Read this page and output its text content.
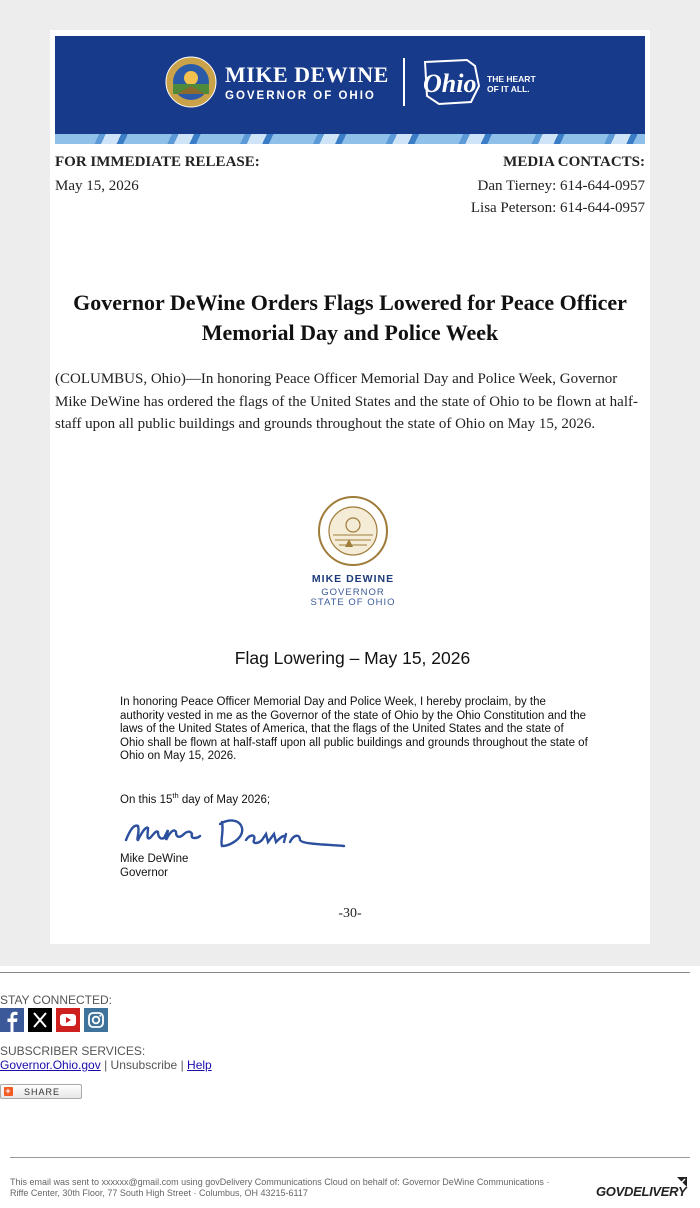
MIKE DEWINE
GOVERNOR OF OHIO Ohio THE HEART
OF IT ALL.
FOR IMMEDIATE RELEASE:
May 15, 2026
MEDIA CONTACTS:
Dan Tierney: 614-644-0957
Lisa Peterson: 614-644-0957
Governor DeWine Orders Flags Lowered for Peace Officer
Memorial Day and Police Week
(COLUMBUS, Ohio)—In honoring Peace Officer Memorial Day and Police Week, Governor Mike DeWine has ordered the flags of the United States and the state of Ohio to be flown at half-staff upon all public buildings and grounds throughout the state of Ohio on May 15, 2026.
MIKE DEWINE
GOVERNOR
STATE OF OHIO
Flag Lowering – May 15, 2026
In honoring Peace Officer Memorial Day and Police Week, I hereby proclaim, by the authority vested in me as the Governor of the state of Ohio by the Ohio Constitution and the laws of the United States of America, that the flags of the United States and the state of Ohio shall be flown at half-staff upon all public buildings and grounds throughout the state of Ohio on May 15, 2026.
On this 15th day of May 2026;
Mike DeWine
Governor
-30-
STAY CONNECTED:
SUBSCRIBER SERVICES:
Governor.Ohio.gov | Unsubscribe | Help
+ SHARE
This email was sent to xxxxxx@gmail.com using govDelivery Communications Cloud on behalf of: Governor DeWine Communications · Riffe Center, 30th Floor, 77 South High Street · Columbus, OH 43215-6117	GOVDELIVERY
